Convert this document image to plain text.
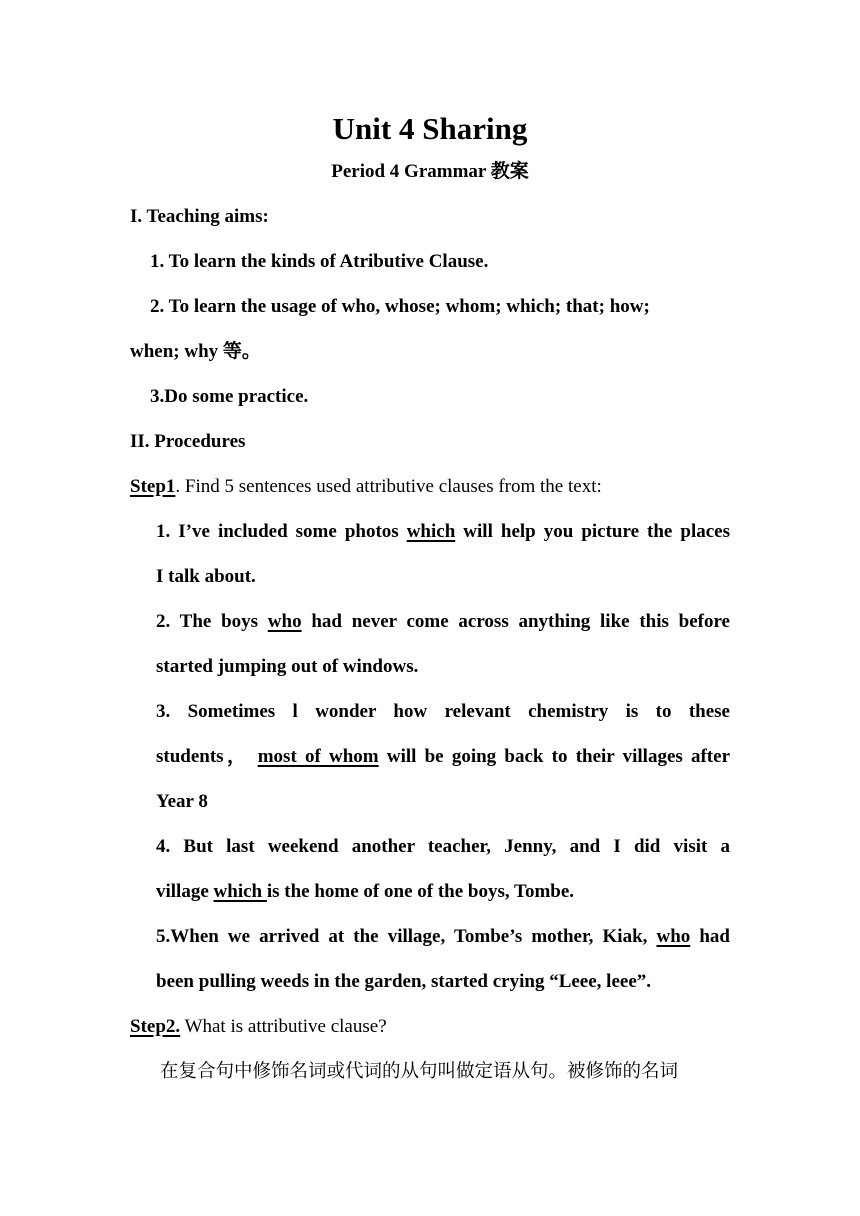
Unit 4 Sharing
Period 4 Grammar 教案
I. Teaching aims:
1. To learn the kinds of Atributive Clause.
2. To learn the usage of who, whose; whom; which; that; how;
when; why 等。
3.Do some practice.
II. Procedures
Step1. Find 5 sentences used attributive clauses from the text:
1. I’ve included some photos which will help you picture the places
I talk about.
2. The boys who had never come across anything like this before
started jumping out of windows.
3. Sometimes l wonder how relevant chemistry is to these
students， most of whom will be going back to their villages after
Year 8
4. But last weekend another teacher, Jenny, and I did visit a
village which is the home of one of the boys, Tombe.
5.When we arrived at the village, Tombe’s mother, Kiak, who had
been pulling weeds in the garden, started crying “Leee, leee”.
Step2. What is attributive clause?
在复合句中修饰名词或代词的从句叫做定语从句。被修饰的名词
